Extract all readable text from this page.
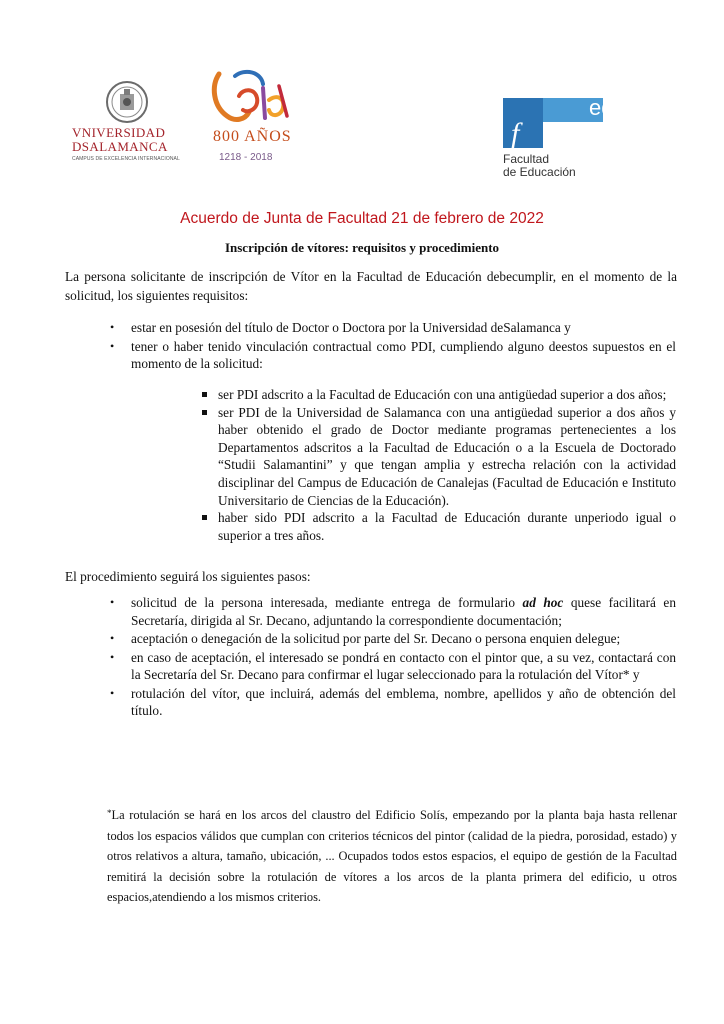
VNIVERSIDAD
DSALAMANCA
CAMPUS DE EXCELENCIA INTERNACIONAL
800 AÑOS
1218 - 2018
f
edu
Facultad
de Educación
Acuerdo de Junta de Facultad 21 de febrero de 2022
Inscripción de vítores: requisitos y procedimiento
La persona solicitante de inscripción de Vítor en la Facultad de Educación debecumplir, en el momento de la solicitud, los siguientes requisitos:
• estar en posesión del título de Doctor o Doctora por la Universidad deSalamanca y
• tener o haber tenido vinculación contractual como PDI, cumpliendo alguno deestos supuestos en el momento de la solicitud:
ser PDI adscrito a la Facultad de Educación con una antigüedad superior a dos años;
ser PDI de la Universidad de Salamanca con una antigüedad superior a dos años y haber obtenido el grado de Doctor mediante programas pertenecientes a los Departamentos adscritos a la Facultad de Educación o a la Escuela de Doctorado “Studii Salamantini” y que tengan amplia y estrecha relación con la actividad disciplinar del Campus de Educación de Canalejas (Facultad de Educación e Instituto Universitario de Ciencias de la Educación).
haber sido PDI adscrito a la Facultad de Educación durante unperiodo igual o superior a tres años.
El procedimiento seguirá los siguientes pasos:
• solicitud de la persona interesada, mediante entrega de formulario ad hoc quese facilitará en Secretaría, dirigida al Sr. Decano, adjuntando la correspondiente documentación;
• aceptación o denegación de la solicitud por parte del Sr. Decano o persona enquien delegue;
• en caso de aceptación, el interesado se pondrá en contacto con el pintor que, a su vez, contactará con la Secretaría del Sr. Decano para confirmar el lugar seleccionado para la rotulación del Vítor* y
• rotulación del vítor, que incluirá, además del emblema, nombre, apellidos y año de obtención del título.
*La rotulación se hará en los arcos del claustro del Edificio Solís, empezando por la planta baja hasta rellenar todos los espacios válidos que cumplan con criterios técnicos del pintor (calidad de la piedra, porosidad, estado) y otros relativos a altura, tamaño, ubicación, ... Ocupados todos estos espacios, el equipo de gestión de la Facultad remitirá la decisión sobre la rotulación de vítores a los arcos de la planta primera del edificio, u otros espacios,atendiendo a los mismos criterios.
